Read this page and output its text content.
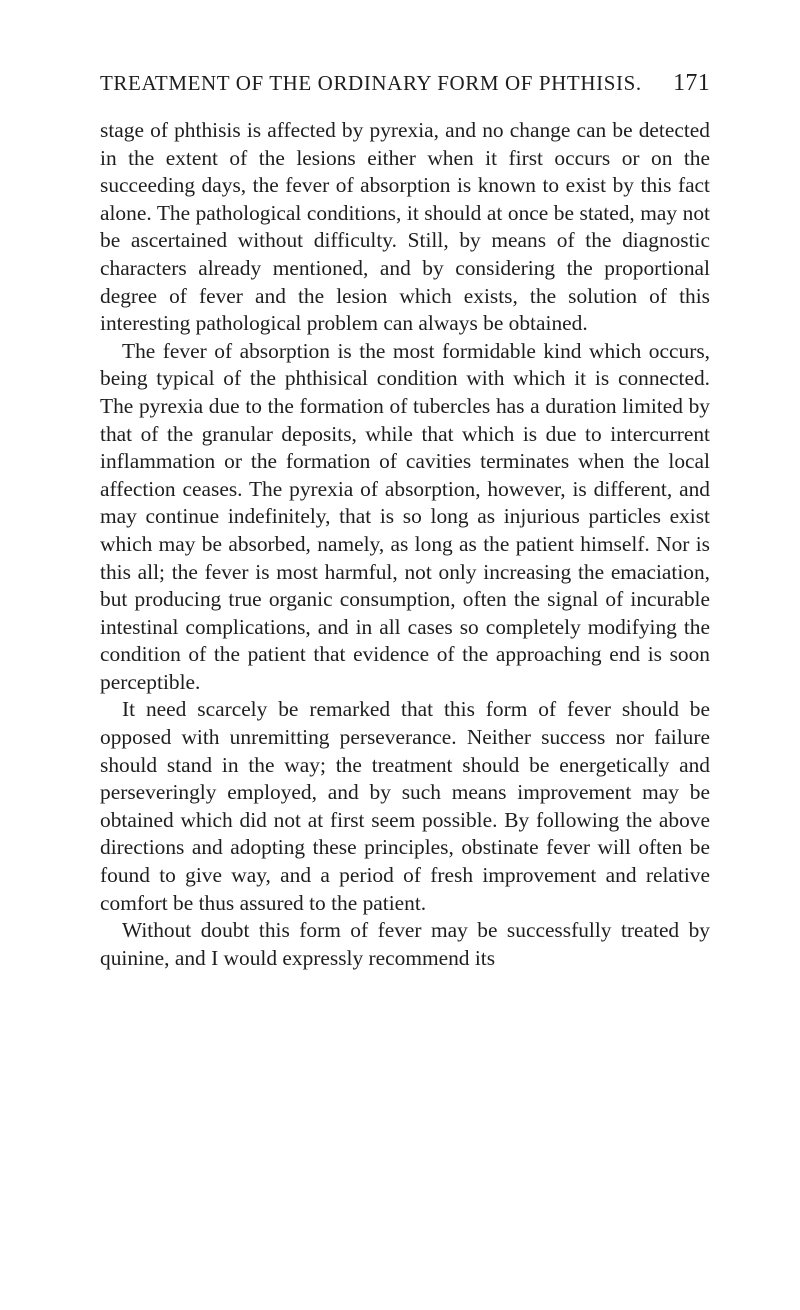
TREATMENT OF THE ORDINARY FORM OF PHTHISIS. 171

stage of phthisis is affected by pyrexia, and no change can be detected in the extent of the lesions either when it first occurs or on the succeeding days, the fever of absorption is known to exist by this fact alone. The pathological conditions, it should at once be stated, may not be ascertained without difficulty. Still, by means of the diagnostic characters already mentioned, and by considering the proportional degree of fever and the lesion which exists, the solution of this interesting pathological problem can always be obtained.

The fever of absorption is the most formidable kind which occurs, being typical of the phthisical condition with which it is connected. The pyrexia due to the formation of tubercles has a duration limited by that of the granular deposits, while that which is due to intercurrent inflammation or the formation of cavities terminates when the local affection ceases. The pyrexia of absorption, however, is different, and may continue indefinitely, that is so long as injurious particles exist which may be absorbed, namely, as long as the patient himself. Nor is this all; the fever is most harmful, not only increasing the emaciation, but producing true organic consumption, often the signal of incurable intestinal complications, and in all cases so completely modifying the condition of the patient that evidence of the approaching end is soon perceptible.

It need scarcely be remarked that this form of fever should be opposed with unremitting perseverance. Neither success nor failure should stand in the way; the treatment should be energetically and perseveringly employed, and by such means improvement may be obtained which did not at first seem possible. By following the above directions and adopting these principles, obstinate fever will often be found to give way, and a period of fresh improvement and relative comfort be thus assured to the patient.

Without doubt this form of fever may be successfully treated by quinine, and I would expressly recommend its
